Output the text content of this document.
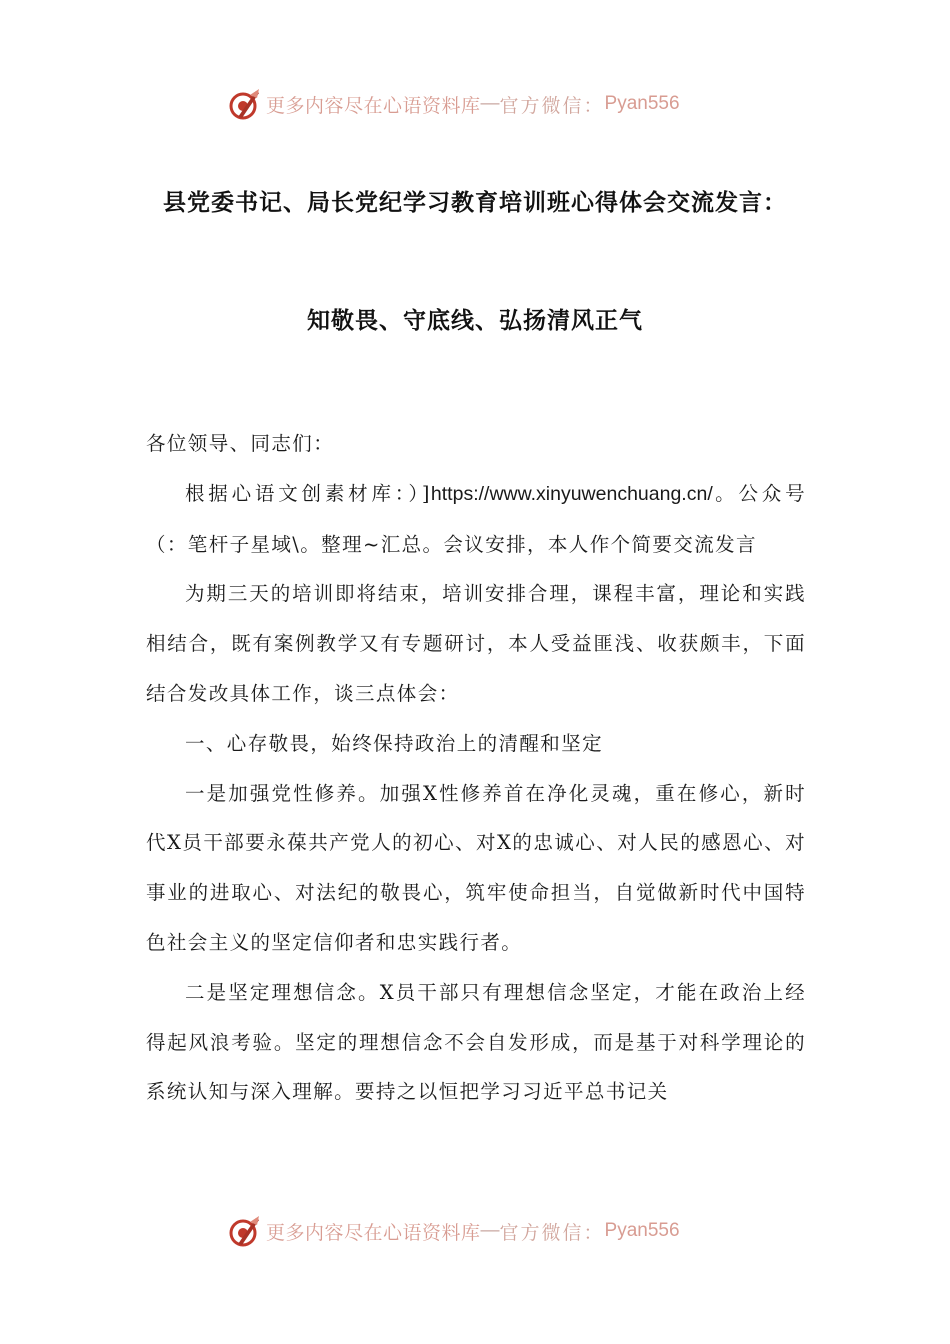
更多内容尽在心语资料库 — 官方微信： Pyan556
县党委书记、局长党纪学习教育培训班心得体会交流发言：
知敬畏、守底线、弘扬清风正气

各位领导、同志们：

根据心语文创素材库：）]https://www.xinyuwenchuang.cn/。公众号（：笔杆子星域\。整理~汇总。会议安排，本人作个简要交流发言

为期三天的培训即将结束，培训安排合理，课程丰富，理论和实践相结合，既有案例教学又有专题研讨，本人受益匪浅、收获颇丰，下面结合发改具体工作，谈三点体会：

一、心存敬畏，始终保持政治上的清醒和坚定

一是加强党性修养。加强X性修养首在净化灵魂，重在修心，新时代X员干部要永葆共产党人的初心、对X的忠诚心、对人民的感恩心、对事业的进取心、对法纪的敬畏心，筑牢使命担当，自觉做新时代中国特色社会主义的坚定信仰者和忠实践行者。

二是坚定理想信念。X员干部只有理想信念坚定，才能在政治上经得起风浪考验。坚定的理想信念不会自发形成，而是基于对科学理论的系统认知与深入理解。要持之以恒把学习习近平总书记关

更多内容尽在心语资料库 — 官方微信： Pyan556
